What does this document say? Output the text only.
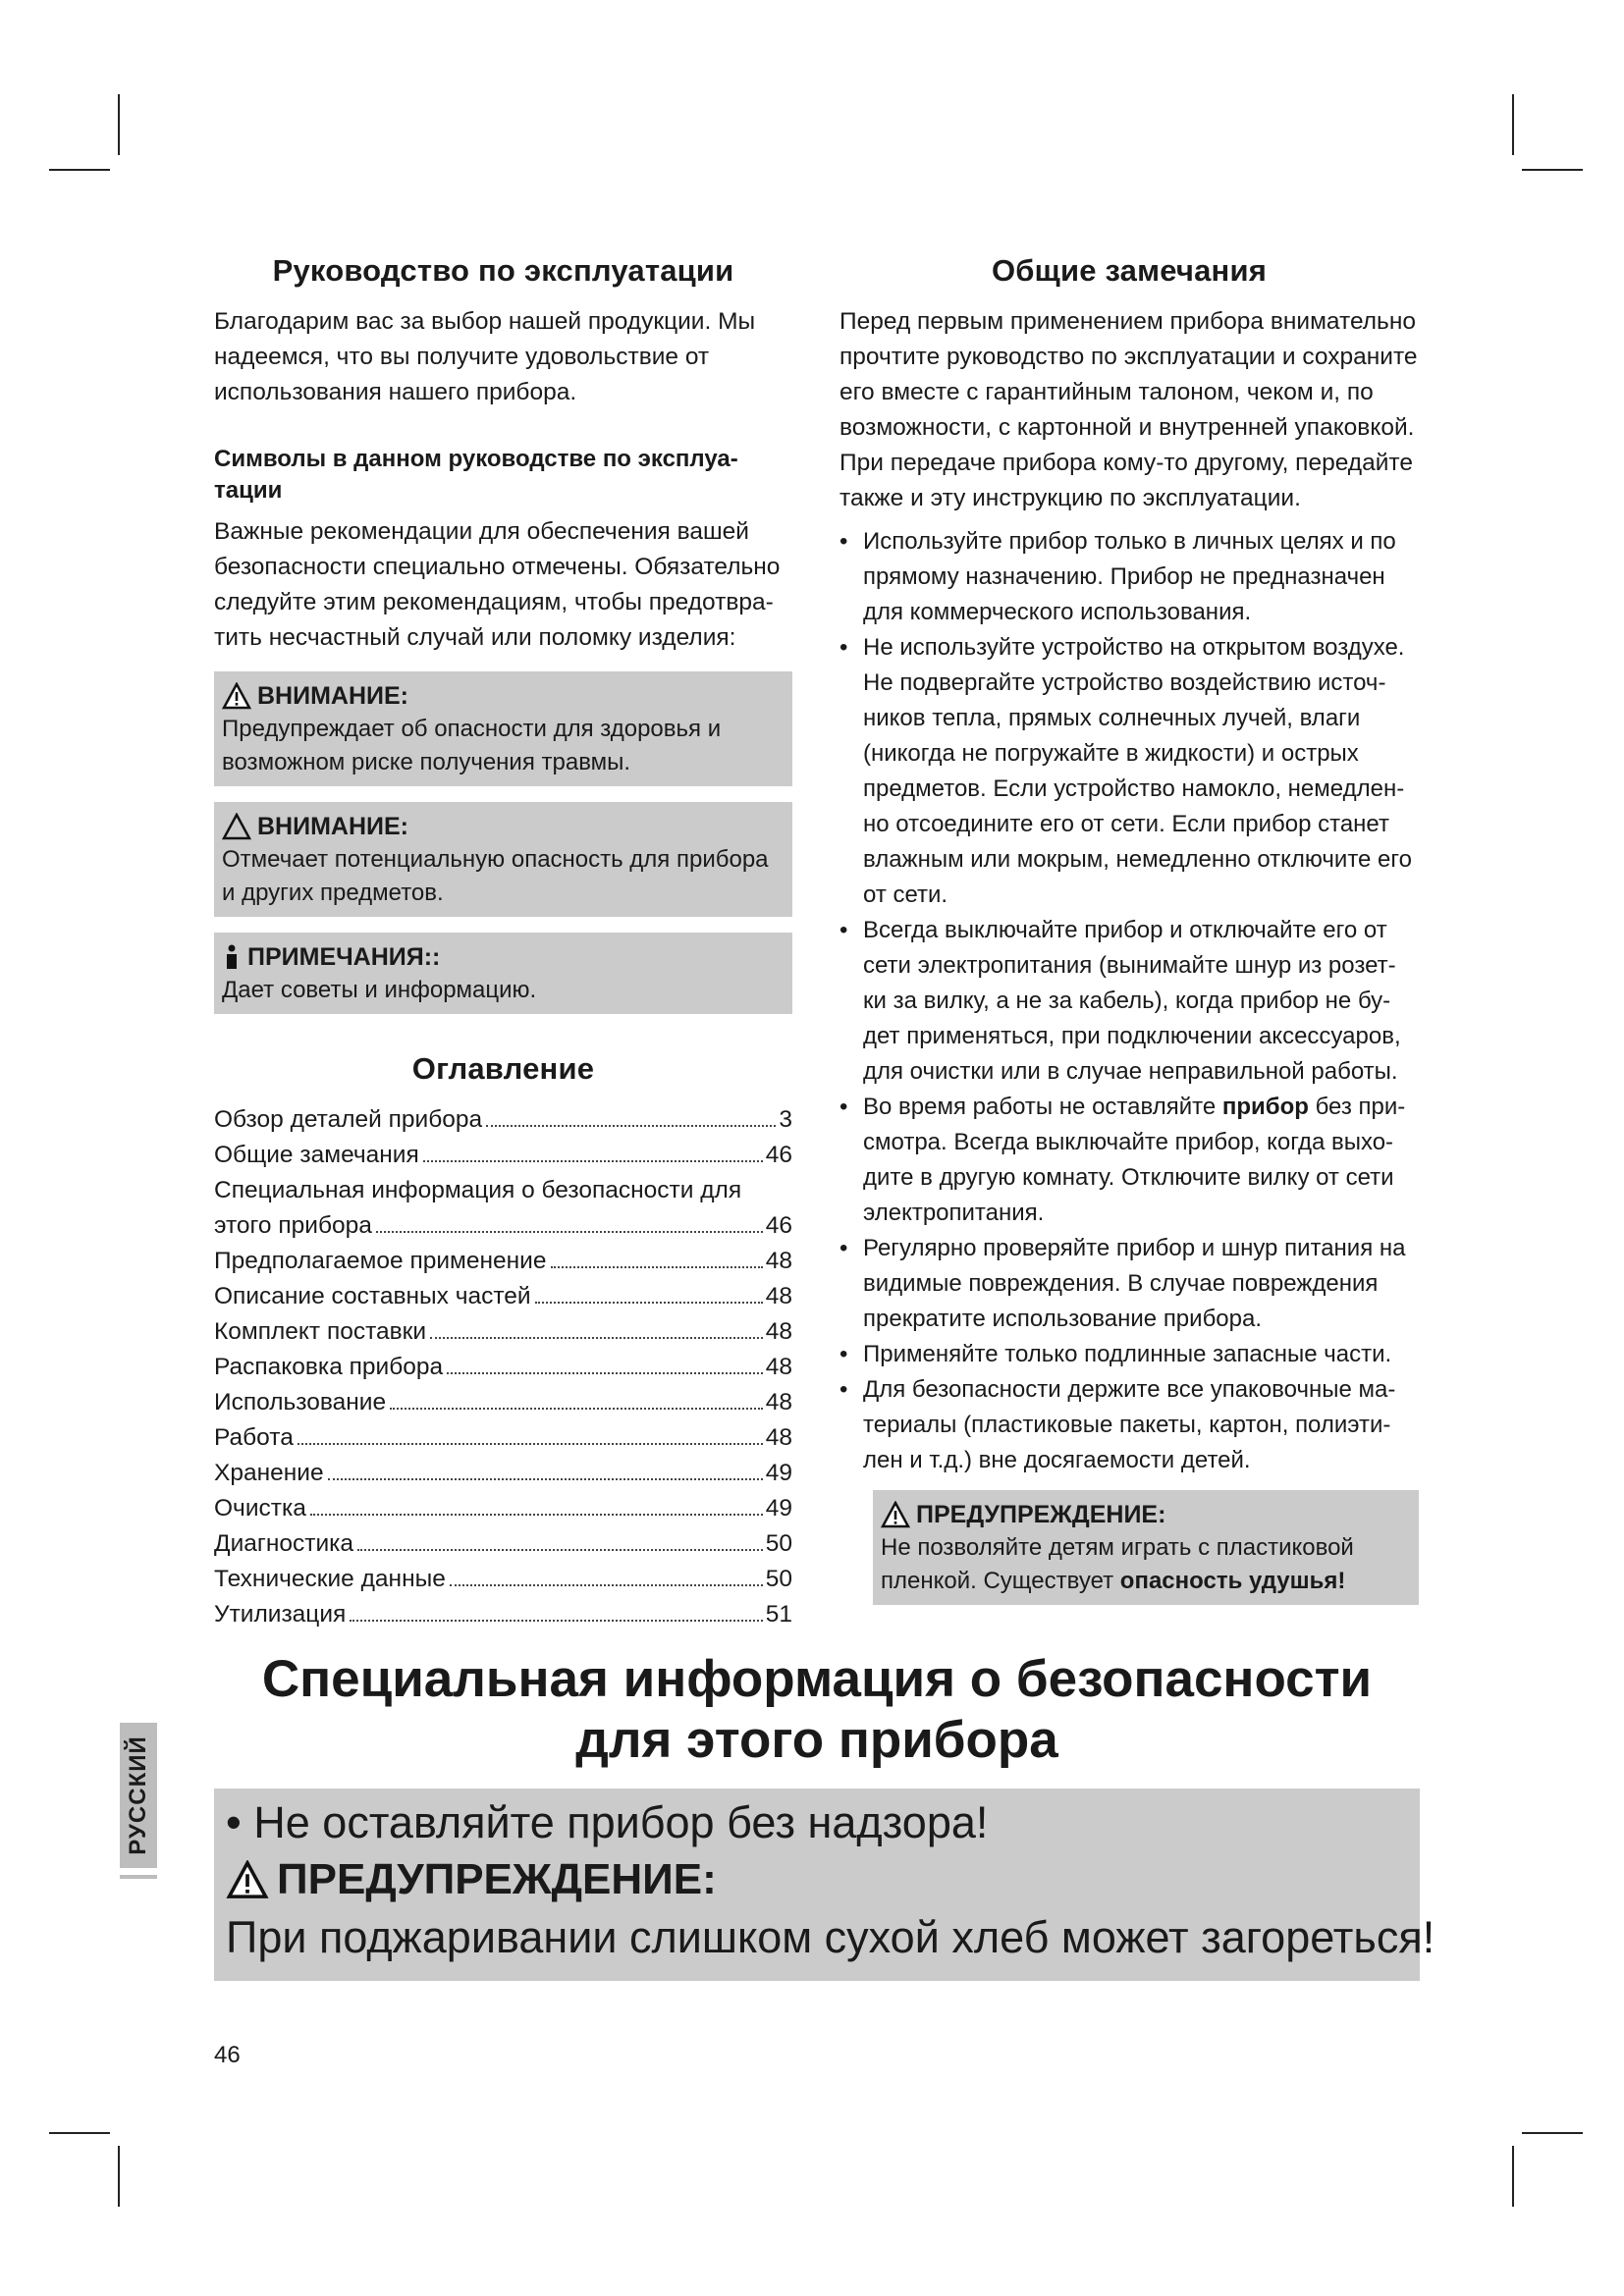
Руководство по эксплуатации

Благодарим вас за выбор нашей продукции. Мы надеемся, что вы получите удовольствие от использования нашего прибора.

Символы в данном руководстве по эксплуа-тации

Важные рекомендации для обеспечения вашей безопасности специально отмечены. Обязательно следуйте этим рекомендациям, чтобы предотвра-тить несчастный случай или поломку изделия:

ВНИМАНИЕ:
Предупреждает об опасности для здоровья и возможном риске получения травмы.
ВНИМАНИЕ:
Отмечает потенциальную опасность для прибора и других предметов.
ПРИМЕЧАНИЯ::
Дает советы и информацию.
Оглавление
Обзор деталей прибора	3
Общие замечания	46
Специальная информация о безопасности для
этого прибора	46
Предполагаемое применение	48
Описание составных частей	48
Комплект поставки	48
Распаковка прибора	48
Использование	48
Работа	48
Хранение	49
Очистка	49
Диагностика	50
Технические данные	50
Утилизация	51
Общие замечания

Перед первым применением прибора внимательно прочтите руководство по эксплуатации и сохраните его вместе с гарантийным талоном, чеком и, по возможности, с картонной и внутренней упаковкой. При передаче прибора кому-то другому, передайте также и эту инструкцию по эксплуатации.

• Используйте прибор только в личных целях и по прямому назначению. Прибор не предназначен для коммерческого использования.
• Не используйте устройство на открытом воздухе. Не подвергайте устройство воздействию источ-ников тепла, прямых солнечных лучей, влаги (никогда не погружайте в жидкости) и острых предметов. Если устройство намокло, немедлен-но отсоедините его от сети. Если прибор станет влажным или мокрым, немедленно отключите его от сети.
• Всегда выключайте прибор и отключайте его от сети электропитания (вынимайте шнур из розет-ки за вилку, а не за кабель), когда прибор не бу-дет применяться, при подключении аксессуаров, для очистки или в случае неправильной работы.
• Во время работы не оставляйте прибор без при-смотра. Всегда выключайте прибор, когда выхо-дите в другую комнату. Отключите вилку от сети электропитания.
• Регулярно проверяйте прибор и шнур питания на видимые повреждения. В случае повреждения прекратите использование прибора.
• Применяйте только подлинные запасные части.
• Для безопасности держите все упаковочные ма-териалы (пластиковые пакеты, картон, полиэти-лен и т.д.) вне досягаемости детей.
ПРЕДУПРЕЖДЕНИЕ:
Не позволяйте детям играть с пластиковой пленкой. Существует опасность удушья!
Специальная информация о безопасности для этого прибора
• Не оставляйте прибор без надзора!
ПРЕДУПРЕЖДЕНИЕ:
При поджаривании слишком сухой хлеб может загореться!
РУССКИЙ
46
